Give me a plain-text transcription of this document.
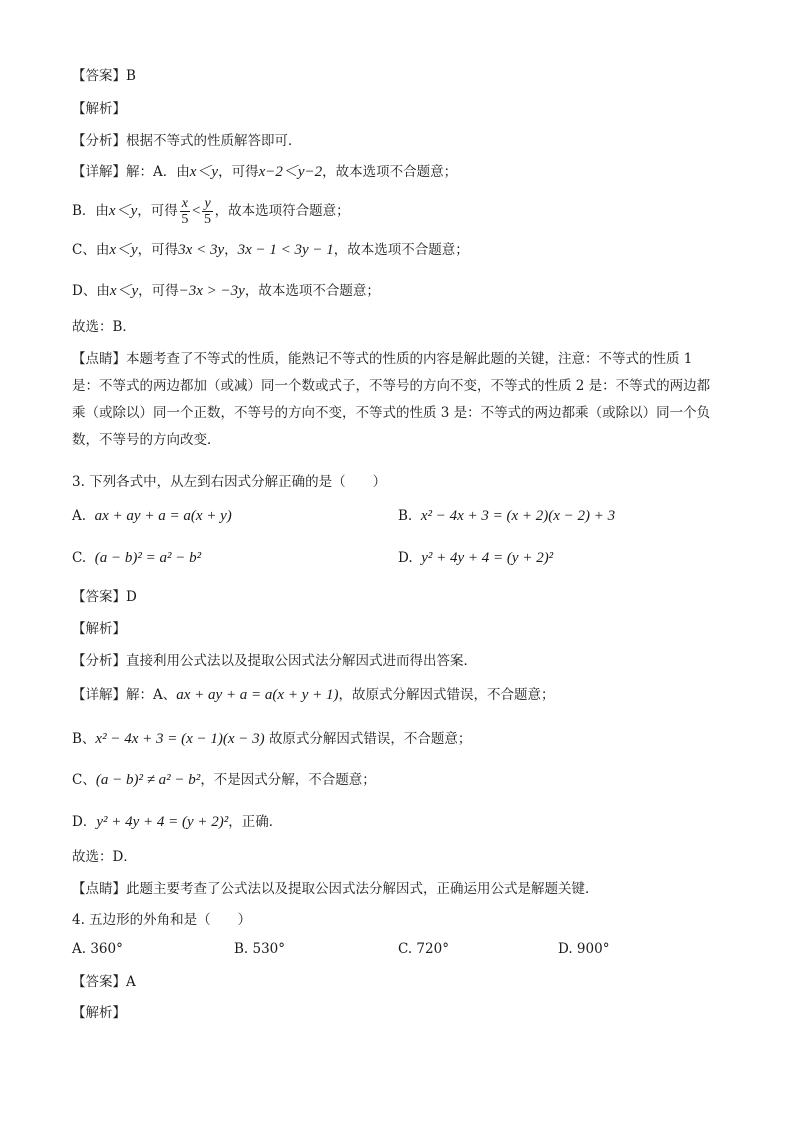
【答案】B
【解析】
【分析】根据不等式的性质解答即可．
【详解】解：A．由x＜y，可得x−2＜y−2，故本选项不合题意；
B．由x＜y，可得 $\frac{x}{5} < \frac{y}{5}$ ，故本选项符合题意；
C、由x＜y，可得3x < 3y，3x − 1 < 3y − 1，故本选项不合题意；
D、由x＜y，可得−3x > −3y，故本选项不合题意；
故选：B．
【点睛】本题考查了不等式的性质，能熟记不等式的性质的内容是解此题的关键，注意：不等式的性质 1 是：不等式的两边都加（或减）同一个数或式子，不等号的方向不变，不等式的性质 2 是：不等式的两边都乘（或除以）同一个正数，不等号的方向不变，不等式的性质 3 是：不等式的两边都乘（或除以）同一个负数，不等号的方向改变．
3. 下列各式中，从左到右因式分解正确的是（　　）
A. ax + ay + a = a(x + y)	B. x² − 4x + 3 = (x + 2)(x − 2) + 3
C. (a − b)² = a² − b²	D. y² + 4y + 4 = (y + 2)²
【答案】D
【解析】
【分析】直接利用公式法以及提取公因式法分解因式进而得出答案．
【详解】解：A、ax + ay + a = a(x + y + 1)，故原式分解因式错误，不合题意；
B、x² − 4x + 3 = (x − 1)(x − 3) 故原式分解因式错误，不合题意；
C、(a − b)² ≠ a² − b²，不是因式分解，不合题意；
D．y² + 4y + 4 = (y + 2)²，正确．
故选：D．
【点睛】此题主要考查了公式法以及提取公因式法分解因式，正确运用公式是解题关键．
4. 五边形的外角和是（　　）
A. 360°	B. 530°	C. 720°	D. 900°
【答案】A
【解析】
